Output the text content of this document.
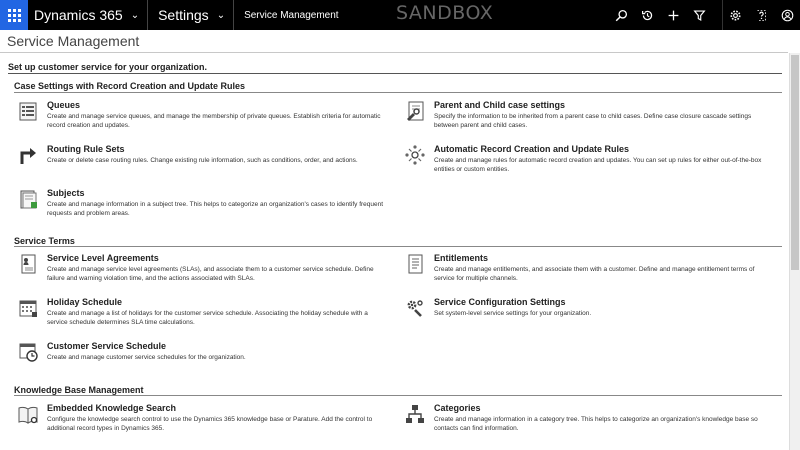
Dynamics 365 ⌄ Settings ⌄	Service Management	SANDBOX
Service Management
Set up customer service for your organization.
Case Settings with Record Creation and Update Rules
Queues
Create and manage service queues, and manage the membership of private queues. Establish criteria for automatic record creation and updates.
Parent and Child case settings
Specify the information to be inherited from a parent case to child cases. Define case closure cascade settings between parent and child cases.
Routing Rule Sets
Create or delete case routing rules. Change existing rule information, such as conditions, order, and actions.
Automatic Record Creation and Update Rules
Create and manage rules for automatic record creation and updates. You can set up rules for either out-of-the-box entities or custom entities.
Subjects
Create and manage information in a subject tree. This helps to categorize an organization's cases to identify frequent requests and problem areas.
Service Terms
Service Level Agreements
Create and manage service level agreements (SLAs), and associate them to a customer service schedule. Define failure and warning violation time, and the actions associated with SLAs.
Entitlements
Create and manage entitlements, and associate them with a customer. Define and manage entitlement terms of service for multiple channels.
Holiday Schedule
Create and manage a list of holidays for the customer service schedule. Associating the holiday schedule with a service schedule determines SLA time calculations.
Service Configuration Settings
Set system-level service settings for your organization.
Customer Service Schedule
Create and manage customer service schedules for the organization.
Knowledge Base Management
Embedded Knowledge Search
Configure the knowledge search control to use the Dynamics 365 knowledge base or Parature. Add the control to additional record types in Dynamics 365.
Categories
Create and manage information in a category tree. This helps to categorize an organization's knowledge base so contacts can find information.
